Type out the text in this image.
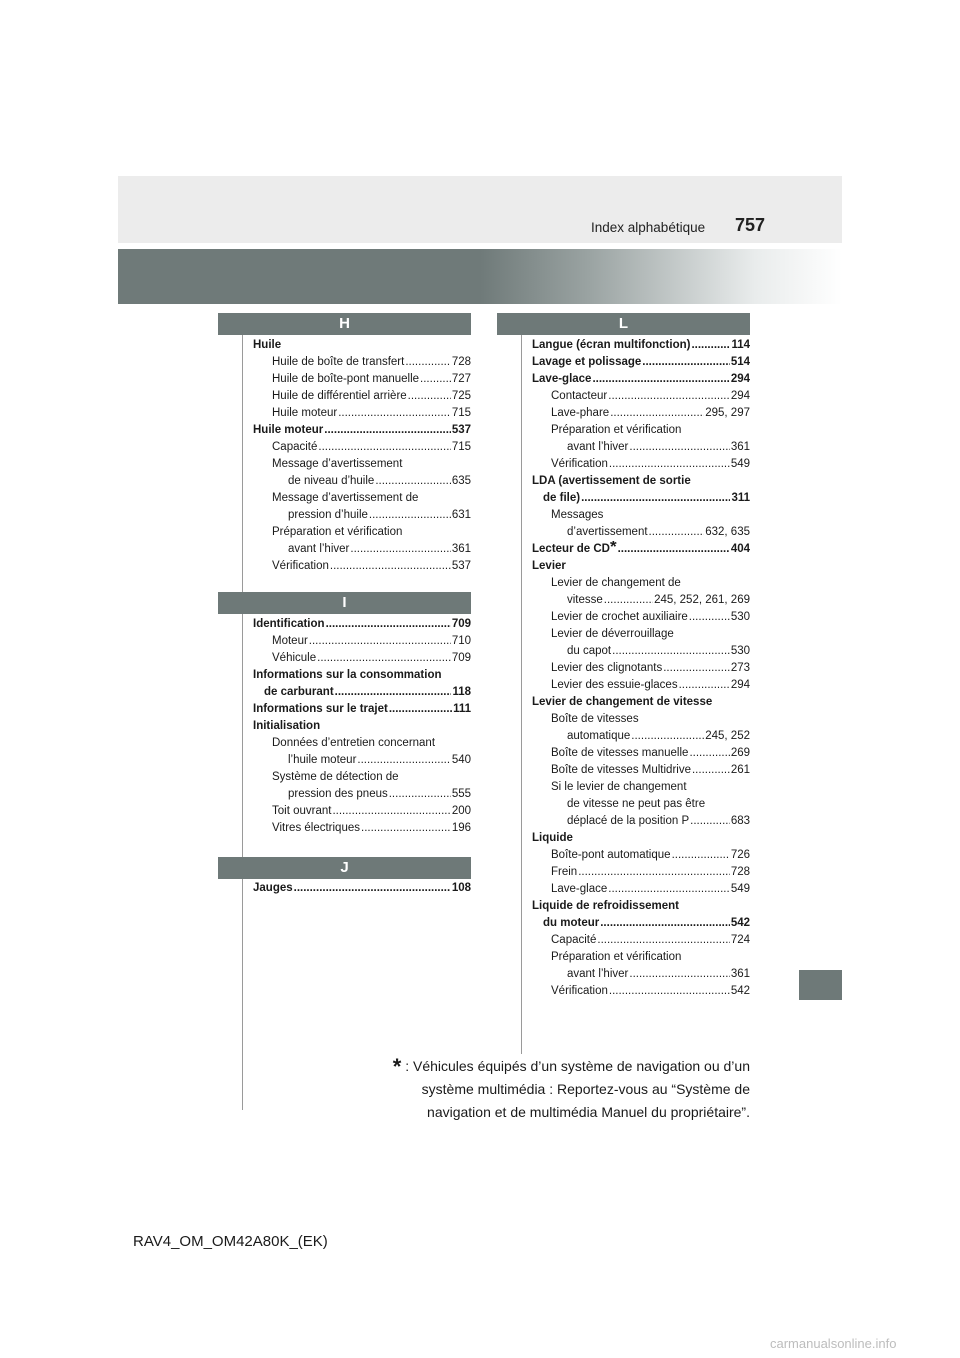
Index alphabétique 757
H
I
J
L
Huile
Huile de boîte de transfert .....	728
Huile de boîte-pont manuelle .....	727
Huile de différentiel arrière .....	725
Huile moteur .....	715
Huile moteur .....	537
Capacité .....	715
Message d’avertissement
de niveau d’huile .....	635
Message d’avertissement de
pression d’huile .....	631
Préparation et vérification
avant l’hiver .....	361
Vérification .....	537
Identification .....	709
Moteur .....	710
Véhicule .....	709
Informations sur la consommation
de carburant .....	118
Informations sur le trajet .....	111
Initialisation
Données d’entretien concernant
l’huile moteur .....	540
Système de détection de
pression des pneus .....	555
Toit ouvrant .....	200
Vitres électriques .....	196
Jauges .....	108
Langue (écran multifonction) .....	114
Lavage et polissage .....	514
Lave-glace .....	294
Contacteur .....	294
Lave-phare .....	295, 297
Préparation et vérification
avant l’hiver .....	361
Vérification .....	549
LDA (avertissement de sortie
de file) .....	311
Messages
d’avertissement .....	632, 635
Lecteur de CD * .....	404
Levier
Levier de changement de
vitesse .....	245, 252, 261, 269
Levier de crochet auxiliaire .....	530
Levier de déverrouillage
du capot .....	530
Levier des clignotants .....	273
Levier des essuie-glaces .....	294
Levier de changement de vitesse
Boîte de vitesses
automatique .....	245, 252
Boîte de vitesses manuelle .....	269
Boîte de vitesses Multidrive .....	261
Si le levier de changement
de vitesse ne peut pas être
déplacé de la position P .....	683
Liquide
Boîte-pont automatique .....	726
Frein .....	728
Lave-glace .....	549
Liquide de refroidissement
du moteur .....	542
Capacité .....	724
Préparation et vérification
avant l’hiver .....	361
Vérification .....	542
* : Véhicules équipés d’un système de navigation ou d’un
système multimédia : Reportez-vous au “Système de
navigation et de multimédia Manuel du propriétaire”.
RAV4_OM_OM42A80K_(EK)
carmanualsonline.info
